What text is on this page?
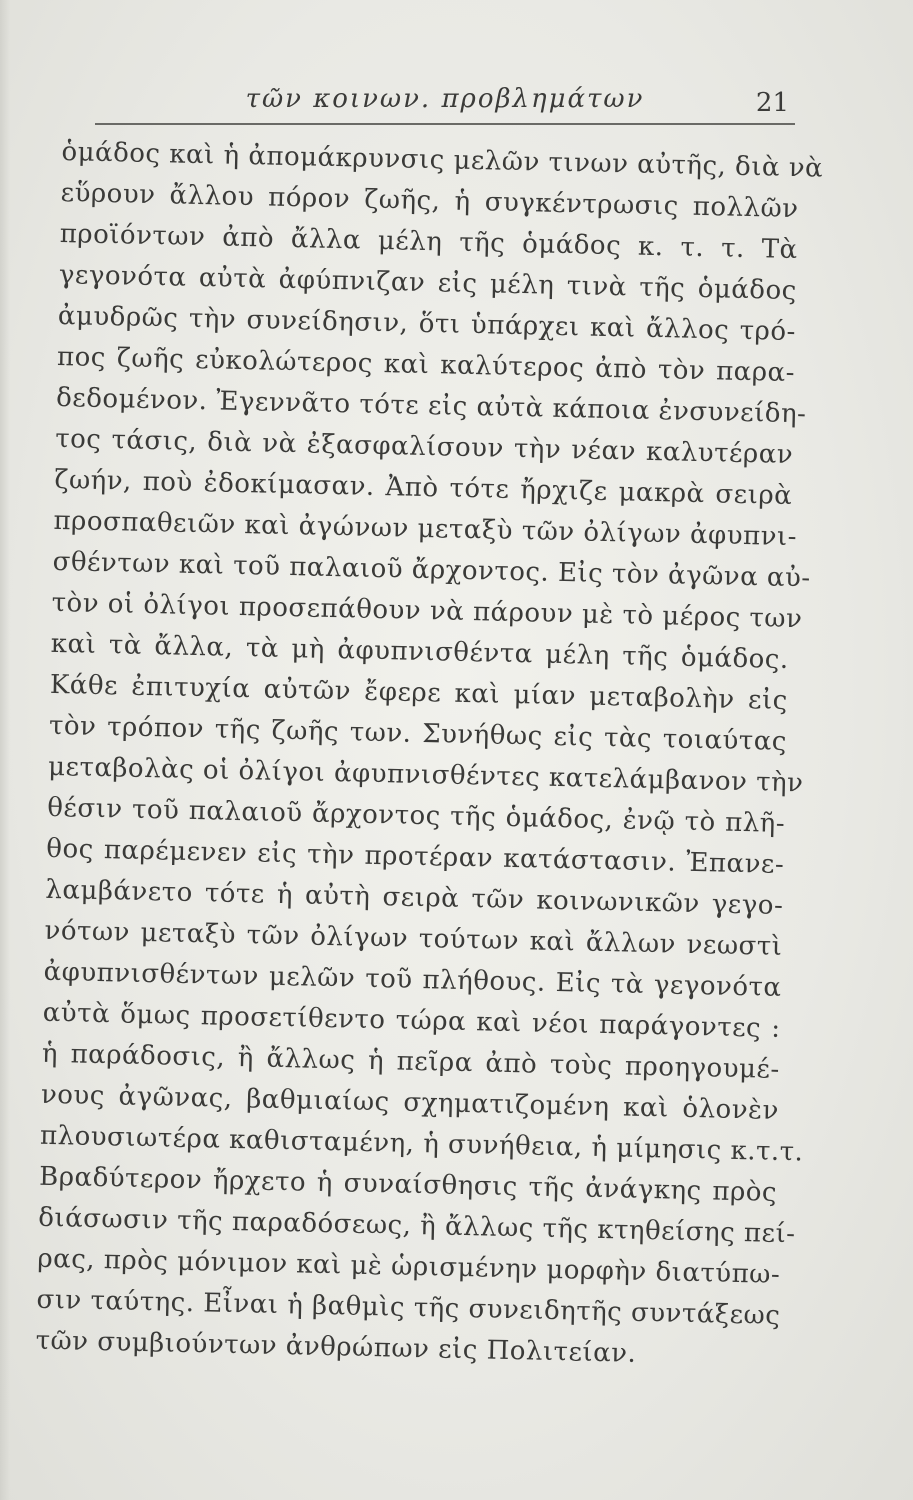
τῶν κοινων. προβλημάτων	21
ὁμάδος καὶ ἡ ἀπομάκρυνσις μελῶν τινων αὐτῆς, διὰ νὰ
εὕρουν ἄλλου πόρον ζωῆς, ἡ συγκέντρωσις πολλῶν
προϊόντων ἀπὸ ἄλλα μέλη τῆς ὁμάδος κ. τ. τ. Τὰ
γεγονότα αὐτὰ ἀφύπνιζαν εἰς μέλη τινὰ τῆς ὁμάδος
ἀμυδρῶς τὴν συνείδησιν, ὅτι ὑπάρχει καὶ ἄλλος τρό-
πος ζωῆς εὐκολώτερος καὶ καλύτερος ἀπὸ τὸν παρα-
δεδομένον. Ἐγεννᾶτο τότε εἰς αὐτὰ κάποια ἐνσυνείδη-
τος τάσις, διὰ νὰ ἐξασφαλίσουν τὴν νέαν καλυτέραν
ζωήν, ποὺ ἐδοκίμασαν. Ἀπὸ τότε ἤρχιζε μακρὰ σειρὰ
προσπαθειῶν καὶ ἀγώνων μεταξὺ τῶν ὀλίγων ἀφυπνι-
σθέντων καὶ τοῦ παλαιοῦ ἄρχοντος. Εἰς τὸν ἀγῶνα αὐ-
τὸν οἱ ὀλίγοι προσεπάθουν νὰ πάρουν μὲ τὸ μέρος των
καὶ τὰ ἄλλα, τὰ μὴ ἀφυπνισθέντα μέλη τῆς ὁμάδος.
Κάθε ἐπιτυχία αὐτῶν ἔφερε καὶ μίαν μεταβολὴν εἰς
τὸν τρόπον τῆς ζωῆς των. Συνήθως εἰς τὰς τοιαύτας
μεταβολὰς οἱ ὀλίγοι ἀφυπνισθέντες κατελάμβανον τὴν
θέσιν τοῦ παλαιοῦ ἄρχοντος τῆς ὁμάδος, ἐνῷ τὸ πλῆ-
θος παρέμενεν εἰς τὴν προτέραν κατάστασιν. Ἐπανε-
λαμβάνετο τότε ἡ αὐτὴ σειρὰ τῶν κοινωνικῶν γεγο-
νότων μεταξὺ τῶν ὀλίγων τούτων καὶ ἄλλων νεωστὶ
ἀφυπνισθέντων μελῶν τοῦ πλήθους. Εἰς τὰ γεγονότα
αὐτὰ ὅμως προσετίθεντο τώρα καὶ νέοι παράγοντες :
ἡ παράδοσις, ἢ ἄλλως ἡ πεῖρα ἀπὸ τοὺς προηγουμέ-
νους ἀγῶνας, βαθμιαίως σχηματιζομένη καὶ ὁλονὲν
πλουσιωτέρα καθισταμένη, ἡ συνήθεια, ἡ μίμησις κ.τ.τ.
Βραδύτερον ἤρχετο ἡ συναίσθησις τῆς ἀνάγκης πρὸς
διάσωσιν τῆς παραδόσεως, ἢ ἄλλως τῆς κτηθείσης πεί-
ρας, πρὸς μόνιμον καὶ μὲ ὡρισμένην μορφὴν διατύπω-
σιν ταύτης. Εἶναι ἡ βαθμὶς τῆς συνειδητῆς συντάξεως
τῶν συμβιούντων ἀνθρώπων εἰς Πολιτείαν.
